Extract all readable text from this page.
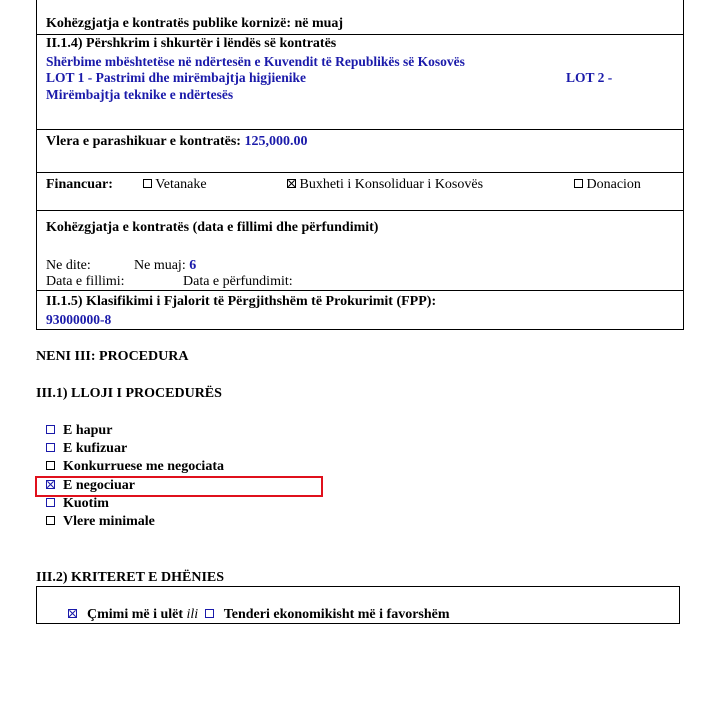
Kohëzgjatja e kontratës publike kornizë: në muaj
II.1.4) Përshkrim i shkurtër i lëndës së kontratës
Shërbime mbështetëse në ndërtesën e Kuvendit të Republikës së Kosovës
LOT 1 - Pastrimi dhe mirëmbajtja higjienike	LOT 2 -
Mirëmbajtja teknike e ndërtesës
Vlera e parashikuar e kontratës: 125,000.00
Financuar:	Vetanake	Buxheti i Konsoliduar i Kosovës	Donacion
Kohëzgjatja e kontratës (data e fillimi dhe përfundimit)
Ne dite:	Ne muaj: 6
Data e fillimi:	Data e përfundimit:
II.1.5) Klasifikimi i Fjalorit të Përgjithshëm të Prokurimit (FPP):
93000000-8
NENI III: PROCEDURA
III.1) LLOJI I PROCEDURËS
E hapur
E kufizuar
Konkurruese me negociata
E negociuar
Kuotim
Vlere minimale
III.2) KRITERET E DHËNIES
Çmimi më i ulët ili Tenderi ekonomikisht më i favorshëm
